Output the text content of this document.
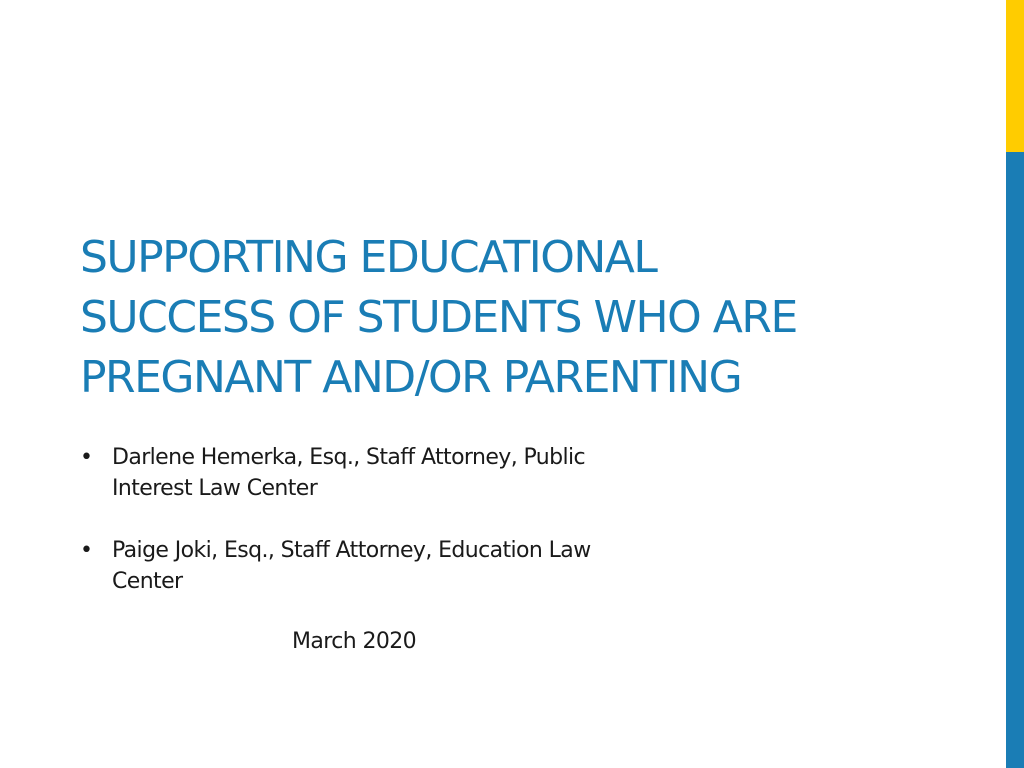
SUPPORTING EDUCATIONAL
SUCCESS OF STUDENTS WHO ARE
PREGNANT AND/OR PARENTING
• Darlene Hemerka, Esq., Staff Attorney, Public
Interest Law Center
• Paige Joki, Esq., Staff Attorney, Education Law
Center
March 2020
